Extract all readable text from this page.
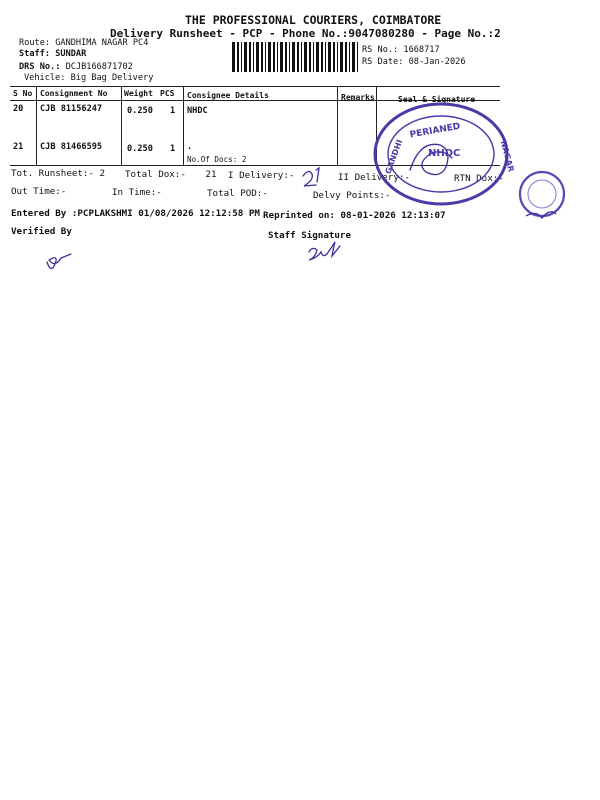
THE PROFESSIONAL COURIERS, COIMBATORE
Delivery Runsheet - PCP - Phone No.:9047080280 - Page No.:2
Route: GANDHIMA NAGAR PC4
Staff: SUNDAR
DRS No.: DCJB166871702
Vehicle: Big Bag Delivery
RS No.: 1668717
RS Date: 08-Jan-2026
S No Consignment No Weight PCS Consignee Details	Remarks	Seal & Signature
20 CJB 81156247	0.250 1 NHDC
21 CJB 81466595	0.250 1 .
No.Of Docs: 2
Tot. Runsheet:- 2 Total Dox:- 21 I Delivery:-	II Delivery:-	RTN Dox:-
Out Time:-	In Time:-	Total POD:-	Delvy Points:-
Entered By :PCPLAKSHMI 01/08/2026 12:12:58 PM Reprinted on: 08-01-2026 12:13:07
Verified By	Staff Signature
PERIANED
NHDC
GANDHI	NAGAR
